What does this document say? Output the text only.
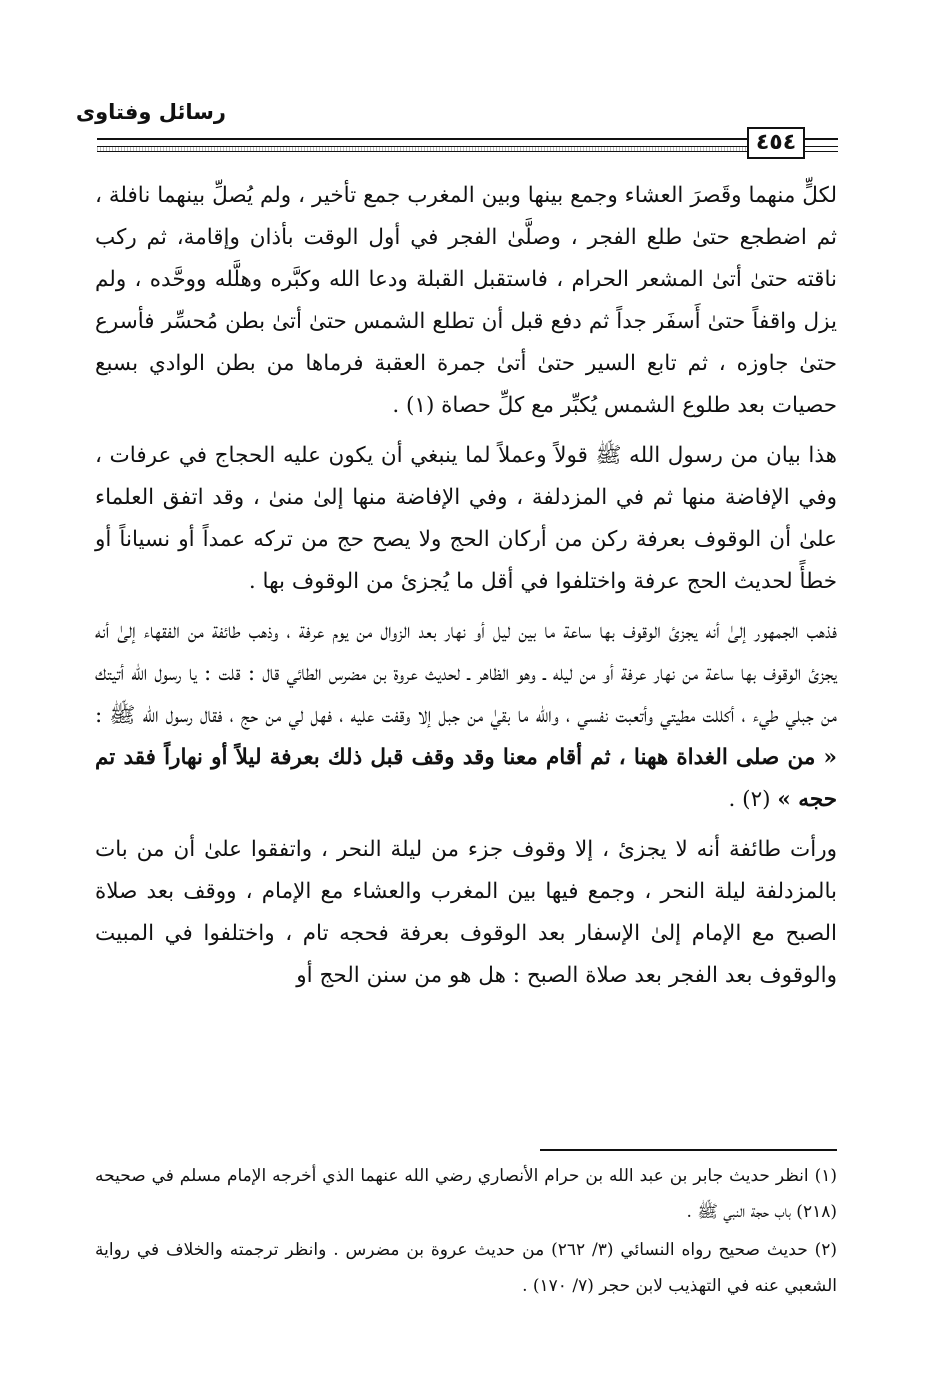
رسائل وفتاوى
٤٥٤

لكلٍّ منهما وقَصرَ العشاء وجمع بينها وبين المغرب جمع تأخير ، ولم يُصلِّ بينهما نافلة ، ثم اضطجع حتىٰ طلع الفجر ، وصلَّىٰ الفجر في أول الوقت بأذان وإقامة، ثم ركب ناقته حتىٰ أتىٰ المشعر الحرام ، فاستقبل القبلة ودعا الله وكبَّره وهلَّله ووحَّده ، ولم يزل واقفاً حتىٰ أَسفَر جداً ثم دفع قبل أن تطلع الشمس حتىٰ أتىٰ بطن مُحسِّر فأسرع حتىٰ جاوزه ، ثم تابع السير حتىٰ أتىٰ جمرة العقبة فرماها من بطن الوادي بسبع حصيات بعد طلوع الشمس يُكبِّر مع كلِّ حصاة (١) .

هذا بيان من رسول الله ﷺ قولاً وعملاً لما ينبغي أن يكون عليه الحجاج في عرفات ، وفي الإفاضة منها ثم في المزدلفة ، وفي الإفاضة منها إلىٰ منىٰ ، وقد اتفق العلماء علىٰ أن الوقوف بعرفة ركن من أركان الحج ولا يصح حج من تركه عمداً أو نسياناً أو خطأً لحديث الحج عرفة واختلفوا في أقل ما يُجزئ من الوقوف بها .

فذهب الجمهور إلىٰ أنه يجزئ الوقوف بها ساعة ما بين ليل أو نهار بعد الزوال من يوم عرفة ، وذهب طائفة من الفقهاء إلىٰ أنه يجزئ الوقوف بها ساعة من نهار عرفة أو من ليله ـ وهو الظاهر ـ لحديث عروة بن مضرس الطائي قال : قلت : يا رسول الله أتيتك من جبلي طيء ، أكللت مطيتي وأتعبت نفسي ، والله ما بقيٰ من جبل إلا وقفت عليه ، فهل لي من حج ، فقال رسول الله ﷺ : « من صلى الغداة ههنا ، ثم أقام معنا وقد وقف قبل ذلك بعرفة ليلاً أو نهاراً فقد تم حجه » (٢) .

ورأت طائفة أنه لا يجزئ ، إلا وقوف جزء من ليلة النحر ، واتفقوا علىٰ أن من بات بالمزدلفة ليلة النحر ، وجمع فيها بين المغرب والعشاء مع الإمام ، ووقف بعد صلاة الصبح مع الإمام إلىٰ الإسفار بعد الوقوف بعرفة فحجه تام ، واختلفوا في المبيت والوقوف بعد الفجر بعد صلاة الصبح : هل هو من سنن الحج أو

(١) انظر حديث جابر بن عبد الله بن حرام الأنصاري رضي الله عنهما الذي أخرجه الإمام مسلم في صحيحه (٢١٨) باب حجة النبي ﷺ .

(٢) حديث صحيح رواه النسائي (٣/ ٢٦٢) من حديث عروة بن مضرس . وانظر ترجمته والخلاف في رواية الشعبي عنه في التهذيب لابن حجر (٧/ ١٧٠) .
